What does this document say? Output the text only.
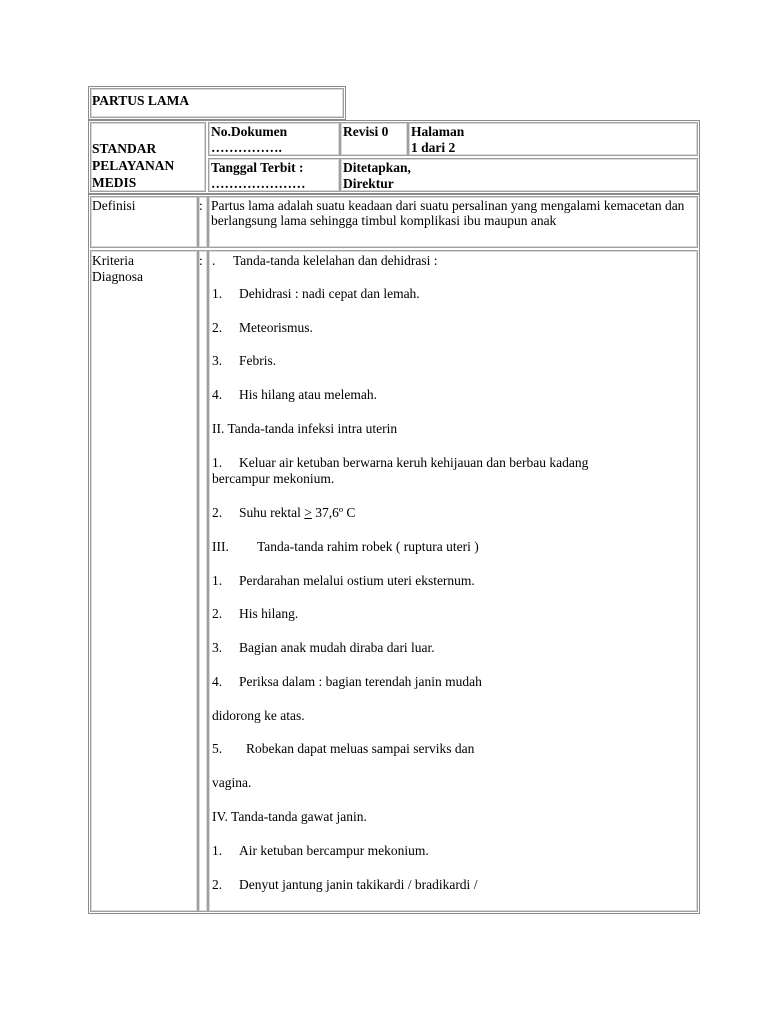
PARTUS LAMA
STANDAR
PELAYANAN
MEDIS
No.Dokumen
…………….
Revisi 0 Halaman
1 dari 2
Tanggal Terbit :
…………………
Ditetapkan,
Direktur
Definisi	: Partus lama adalah suatu keadaan dari suatu persalinan yang mengalami kemacetan dan berlangsung lama sehingga timbul komplikasi ibu maupun anak
Kriteria
Diagnosa
: . Tanda-tanda kelelahan dan dehidrasi :
1. Dehidrasi : nadi cepat dan lemah.
2. Meteorismus.
3. Febris.
4. His hilang atau melemah.
II. Tanda-tanda infeksi intra uterin
1. Keluar air ketuban berwarna keruh kehijauan dan berbau kadang
bercampur mekonium.
2. Suhu rektal > 37,6º C
III. Tanda-tanda rahim robek ( ruptura uteri )
1. Perdarahan melalui ostium uteri eksternum.
2. His hilang.
3. Bagian anak mudah diraba dari luar.
4. Periksa dalam : bagian terendah janin mudah
didorong ke atas.
5. Robekan dapat meluas sampai serviks dan
vagina.
IV. Tanda-tanda gawat janin.
1. Air ketuban bercampur mekonium.
2. Denyut jantung janin takikardi / bradikardi /
